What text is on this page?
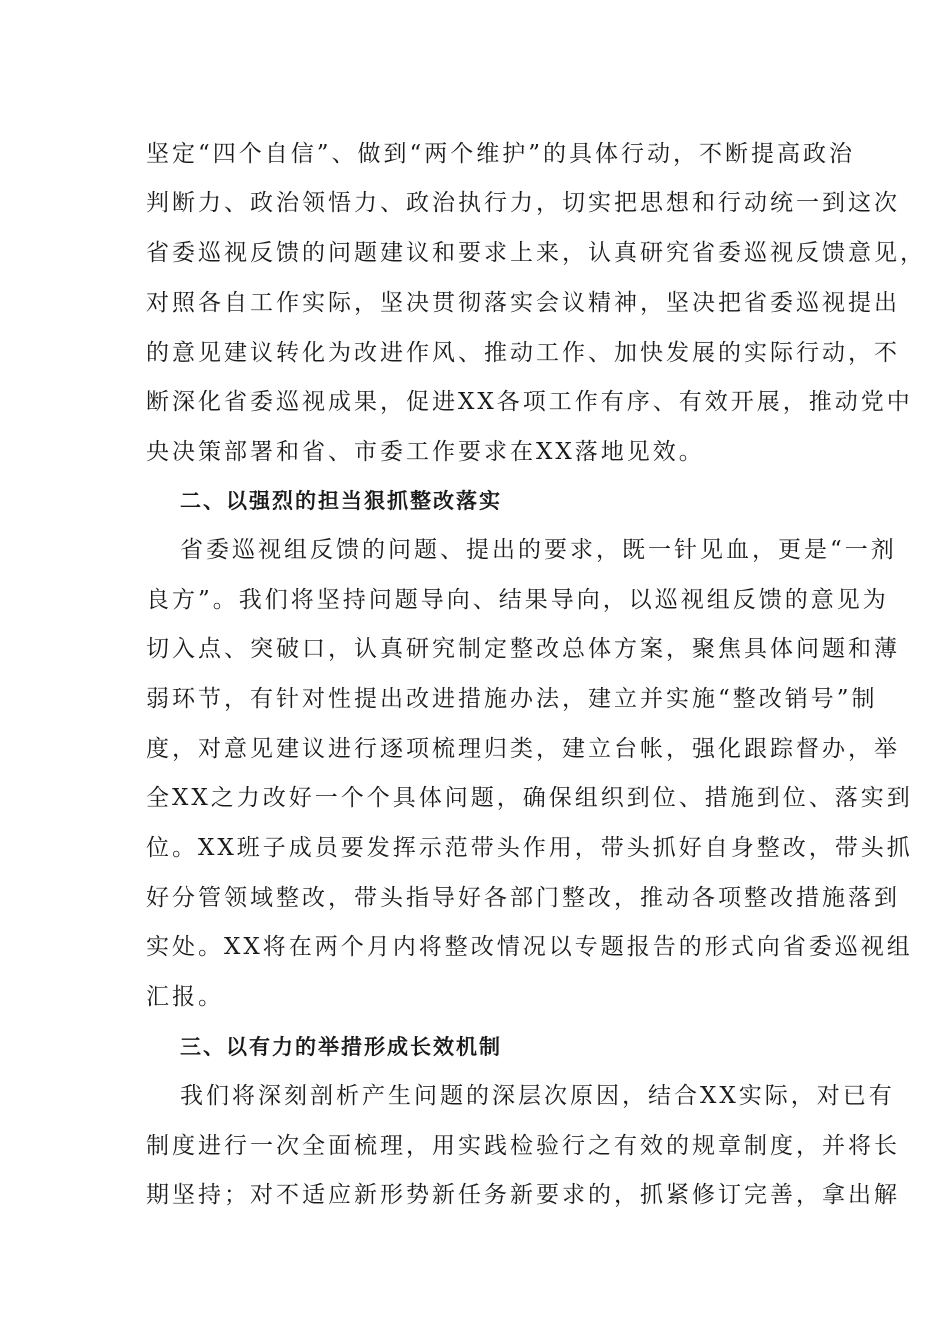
坚定“四个自信”、做到“两个维护”的具体行动，不断提高政治
判断力、政治领悟力、政治执行力，切实把思想和行动统一到这次
省委巡视反馈的问题建议和要求上来，认真研究省委巡视反馈意见，
对照各自工作实际，坚决贯彻落实会议精神，坚决把省委巡视提出
的意见建议转化为改进作风、推动工作、加快发展的实际行动，不
断深化省委巡视成果，促进XX各项工作有序、有效开展，推动党中
央决策部署和省、市委工作要求在XX落地见效。
二、以强烈的担当狠抓整改落实
省委巡视组反馈的问题、提出的要求，既一针见血，更是“一剂
良方”。我们将坚持问题导向、结果导向，以巡视组反馈的意见为
切入点、突破口，认真研究制定整改总体方案，聚焦具体问题和薄
弱环节，有针对性提出改进措施办法，建立并实施“整改销号”制
度，对意见建议进行逐项梳理归类，建立台帐，强化跟踪督办，举
全XX之力改好一个个具体问题，确保组织到位、措施到位、落实到
位。XX班子成员要发挥示范带头作用，带头抓好自身整改，带头抓
好分管领域整改，带头指导好各部门整改，推动各项整改措施落到
实处。XX将在两个月内将整改情况以专题报告的形式向省委巡视组
汇报。
三、以有力的举措形成长效机制
我们将深刻剖析产生问题的深层次原因，结合XX实际，对已有
制度进行一次全面梳理，用实践检验行之有效的规章制度，并将长
期坚持；对不适应新形势新任务新要求的，抓紧修订完善，拿出解
